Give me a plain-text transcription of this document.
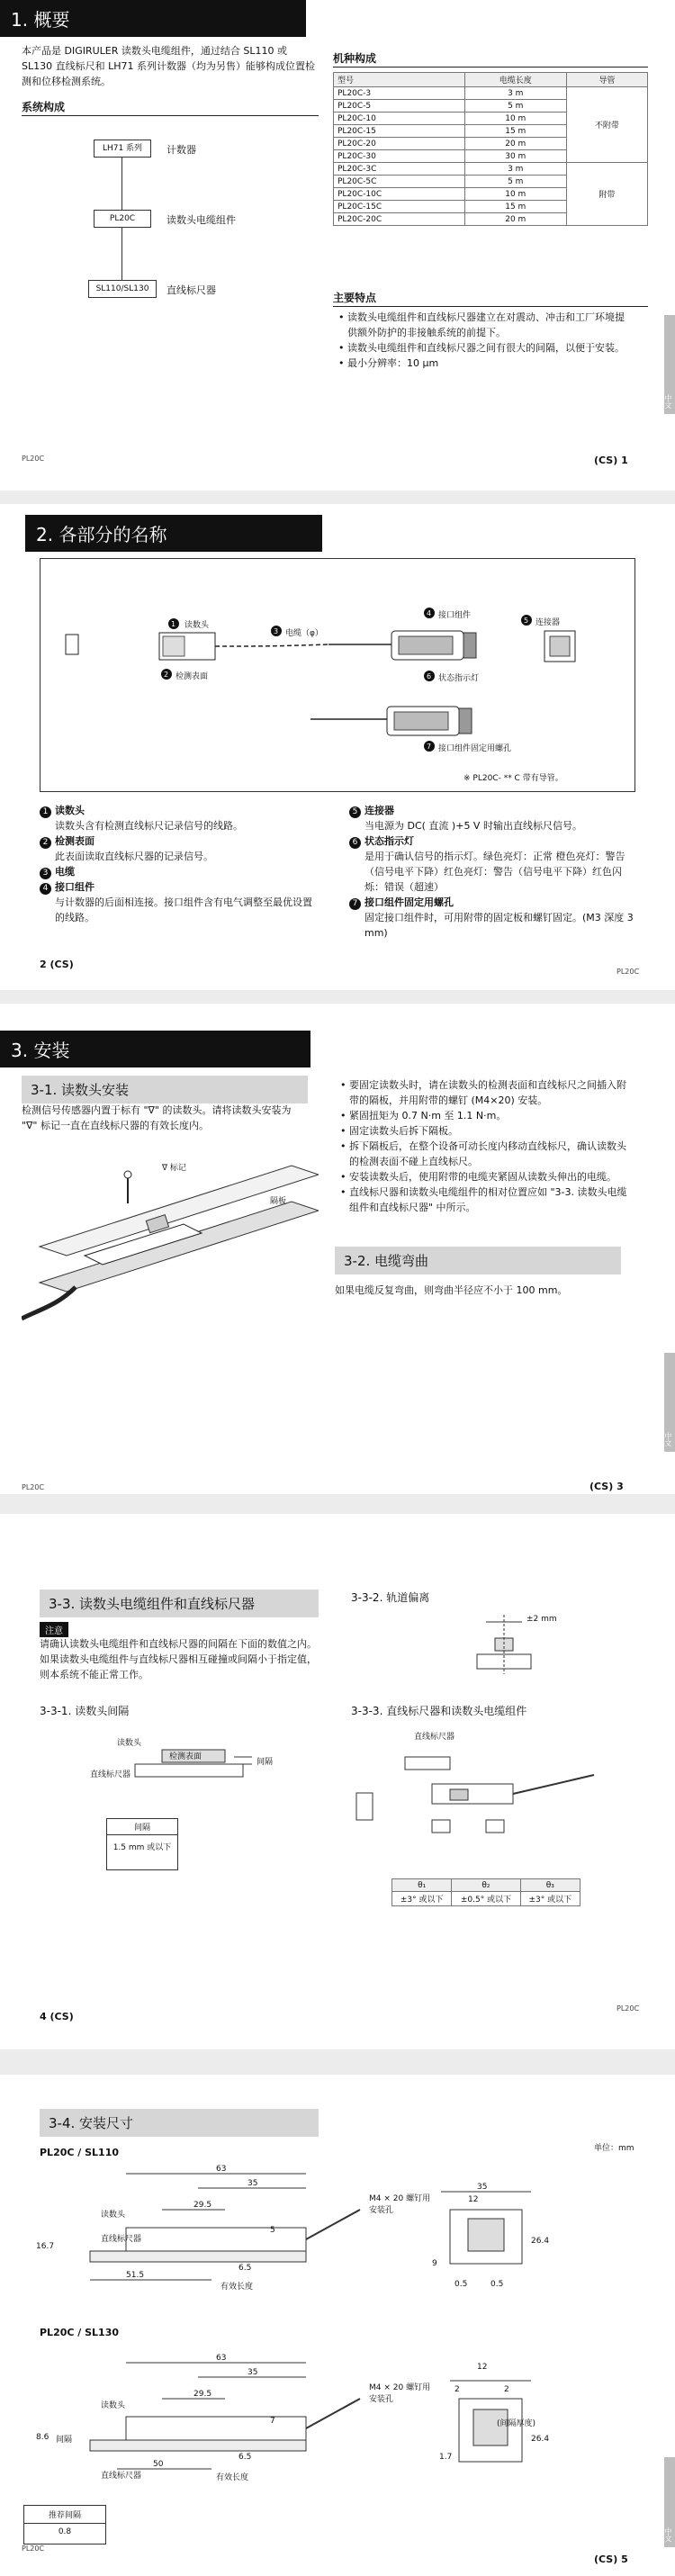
1. 概要
本产品是 DIGIRULER 读数头电缆组件，通过结合 SL110 或 SL130 直线标尺和 LH71 系列计数器（均为另售）能够构成位置检测和位移检测系统。
系统构成
LH71 系列	计数器
PL20C	读数头电缆组件
SL110/SL130	直线标尺器
机种构成
型号	电缆长度	导管
PL20C-3	3 m	不附带
PL20C-5	5 m	
PL20C-10	10 m	
PL20C-15	15 m	
PL20C-20	20 m	
PL20C-30	30 m	
PL20C-3C	3 m	附带
PL20C-5C	5 m	
PL20C-10C	10 m	
PL20C-15C	15 m	
PL20C-20C	20 m	
主要特点
• 读数头电缆组件和直线标尺器建立在对震动、冲击和工厂环境提供额外防护的非接触系统的前提下。
• 读数头电缆组件和直线标尺器之间有很大的间隔，以便于安装。
• 最小分辨率：10 μm
中文
PL20C	(CS) 1
2. 各部分的名称
1
2
3
4
5
6
7
读数头
检测表面
电缆（φ）
接口组件
连接器
状态指示灯
接口组件固定用螺孔
※ PL20C- ** C 带有导管。
1 读数头
读数头含有检测直线标尺记录信号的线路。
2 检测表面
此表面读取直线标尺器的记录信号。
3 电缆
4 接口组件
与计数器的后面相连接。接口组件含有电气调整至最优设置的线路。
5 连接器
当电源为 DC( 直流 )+5 V 时输出直线标尺信号。
6 状态指示灯
是用于确认信号的指示灯。绿色亮灯：正常 橙色亮灯：警告（信号电平下降）红色亮灯：警告（信号电平下降）红色闪烁：错误（超速）
7 接口组件固定用螺孔
固定接口组件时，可用附带的固定板和螺钉固定。(M3 深度 3 mm)
2 (CS)
PL20C
3. 安装
3-1. 读数头安装
检测信号传感器内置于标有 "∇" 的读数头。请将读数头安装为 "∇" 标记一直在直线标尺器的有效长度内。
∇ 标记
隔板
• 要固定读数头时，请在读数头的检测表面和直线标尺之间插入附带的隔板，并用附带的螺钉 (M4×20) 安装。
• 紧固扭矩为 0.7 N·m 至 1.1 N·m。
• 固定读数头后拆下隔板。
• 拆下隔板后，在整个设备可动长度内移动直线标尺，确认读数头的检测表面不碰上直线标尺。
• 安装读数头后，使用附带的电缆夹紧固从读数头伸出的电缆。
• 直线标尺器和读数头电缆组件的相对位置应如 "3-3. 读数头电缆组件和直线标尺器" 中所示。
3-2. 电缆弯曲
如果电缆反复弯曲，则弯曲半径应不小于 100 mm。
中文
PL20C	(CS) 3
3-3. 读数头电缆组件和直线标尺器
注意
请确认读数头电缆组件和直线标尺器的间隔在下面的数值之内。如果读数头电缆组件与直线标尺器相互碰撞或间隔小于指定值，则本系统不能正常工作。
3-3-1. 读数头间隔
读数头
直线标尺器
检测表面
间隔
间隔
1.5 mm 或以下
3-3-2. 轨道偏离
±2 mm
3-3-3. 直线标尺器和读数头电缆组件
直线标尺器
θ₁	θ₂	θ₃
±3° 或以下	±0.5° 或以下	±3° 或以下
4 (CS)
PL20C
3-4. 安装尺寸
单位：mm
PL20C / SL110
63
35
29.5
5
16.7
51.5
6.5
35
12
26.4
9
0.5	0.5
读数头
直线标尺器
M4 × 20 螺钉用安装孔
有效长度
PL20C / SL130
63
35
29.5
7
8.6
50
6.5
12
2
26.4
1.7
2
读数头
直线标尺器
M4 × 20 螺钉用安装孔
有效长度
间隔
(间隔厚度)
推荐间隔
0.8	中文
PL20C
(CS) 5
